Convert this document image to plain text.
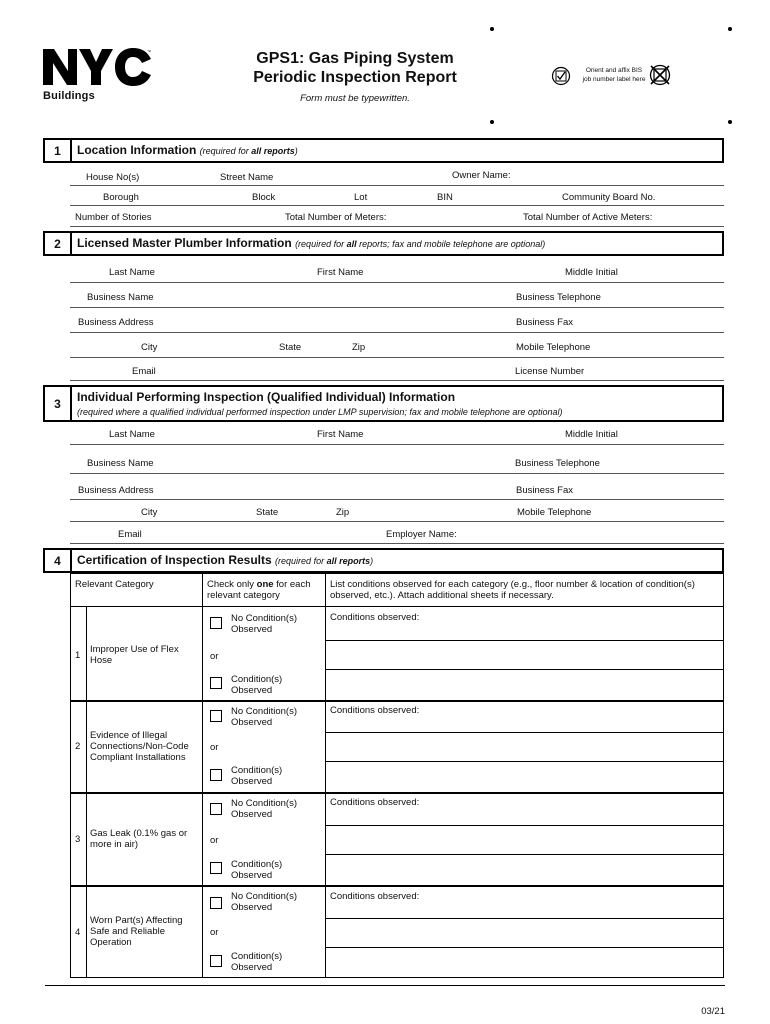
™
Buildings
GPS1: Gas Piping System
Periodic Inspection Report
Form must be typewritten.
Orient and affix BIS
job number label here
1	Location Information (required for all reports)
House No(s)	Street Name	Owner Name:
Borough	Block	Lot	BIN	Community Board No.
Number of Stories	Total Number of Meters:	Total Number of Active Meters:
2	Licensed Master Plumber Information (required for all reports; fax and mobile telephone are optional)
Last Name	First Name	Middle Initial
Business Name	Business Telephone
Business Address	Business Fax
City	State	Zip	Mobile Telephone
Email	License Number
3	Individual Performing Inspection (Qualified Individual) Information
(required where a qualified individual performed inspection under LMP supervision; fax and mobile telephone are optional)
Last Name	First Name	Middle Initial
Business Name	Business Telephone
Business Address	Business Fax
City	State	Zip	Mobile Telephone
Email	Employer Name:
4	Certification of Inspection Results (required for all reports)
Relevant Category	Check only one for each relevant category
List conditions observed for each category (e.g., floor number & location of condition(s) observed, etc.). Attach additional sheets if necessary.
1
Improper Use of Flex Hose
No Condition(s) Observed
or
Condition(s) Observed
Conditions observed:
2
Evidence of Illegal Connections/Non-Code Compliant Installations
No Condition(s) Observed
or
Condition(s) Observed
Conditions observed:
3
Gas Leak (0.1% gas or more in air)
No Condition(s) Observed
or
Condition(s) Observed
Conditions observed:
4
Worn Part(s) Affecting Safe and Reliable Operation
No Condition(s) Observed
or
Condition(s) Observed
Conditions observed:
03/21
